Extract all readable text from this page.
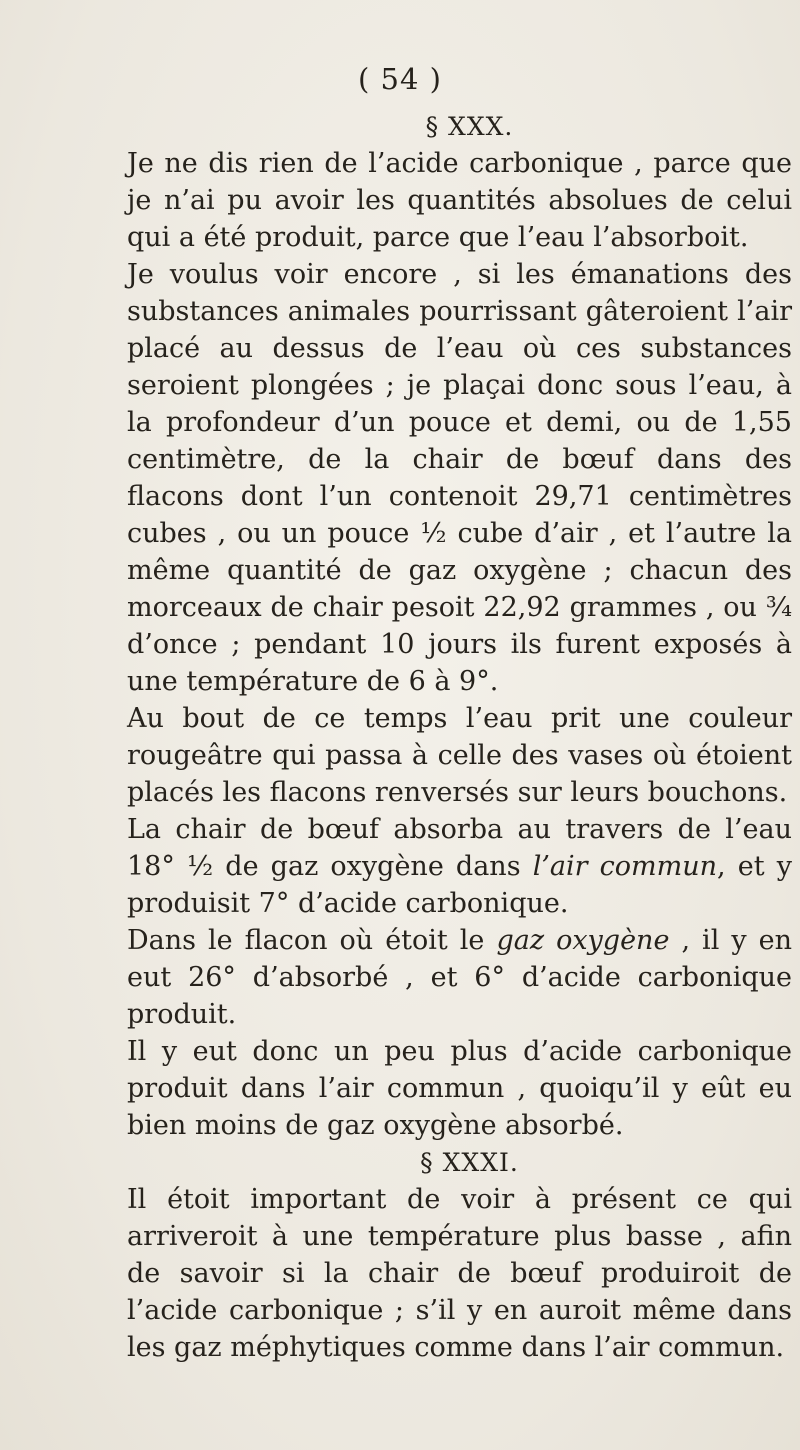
( 54 )
§ XXX.

Je ne dis rien de l’acide carbonique , parce que je n’ai pu avoir les quantités absolues de celui qui a été produit, parce que l’eau l’absorboit.

Je voulus voir encore , si les émanations des substances animales pourrissant gâteroient l’air placé au dessus de l’eau où ces substances seroient plongées ; je plaçai donc sous l’eau, à la profondeur d’un pouce et demi, ou de 1,55 centimètre, de la chair de bœuf dans des flacons dont l’un contenoit 29,71 centimètres cubes , ou un pouce ½ cube d’air , et l’autre la même quantité de gaz oxygène ; chacun des morceaux de chair pesoit 22,92 grammes , ou ¾ d’once ; pendant 10 jours ils furent exposés à une température de 6 à 9°.

Au bout de ce temps l’eau prit une couleur rougeâtre qui passa à celle des vases où étoient placés les flacons renversés sur leurs bouchons.

La chair de bœuf absorba au travers de l’eau 18° ½ de gaz oxygène dans l’air commun, et y produisit 7° d’acide carbonique.

Dans le flacon où étoit le gaz oxygène , il y en eut 26° d’absorbé , et 6° d’acide carbonique produit.

Il y eut donc un peu plus d’acide carbonique produit dans l’air commun , quoiqu’il y eût eu bien moins de gaz oxygène absorbé.

§ XXXI.

Il étoit important de voir à présent ce qui arriveroit à une température plus basse , afin de savoir si la chair de bœuf produiroit de l’acide carbonique ; s’il y en auroit même dans les gaz méphytiques comme dans l’air commun.
